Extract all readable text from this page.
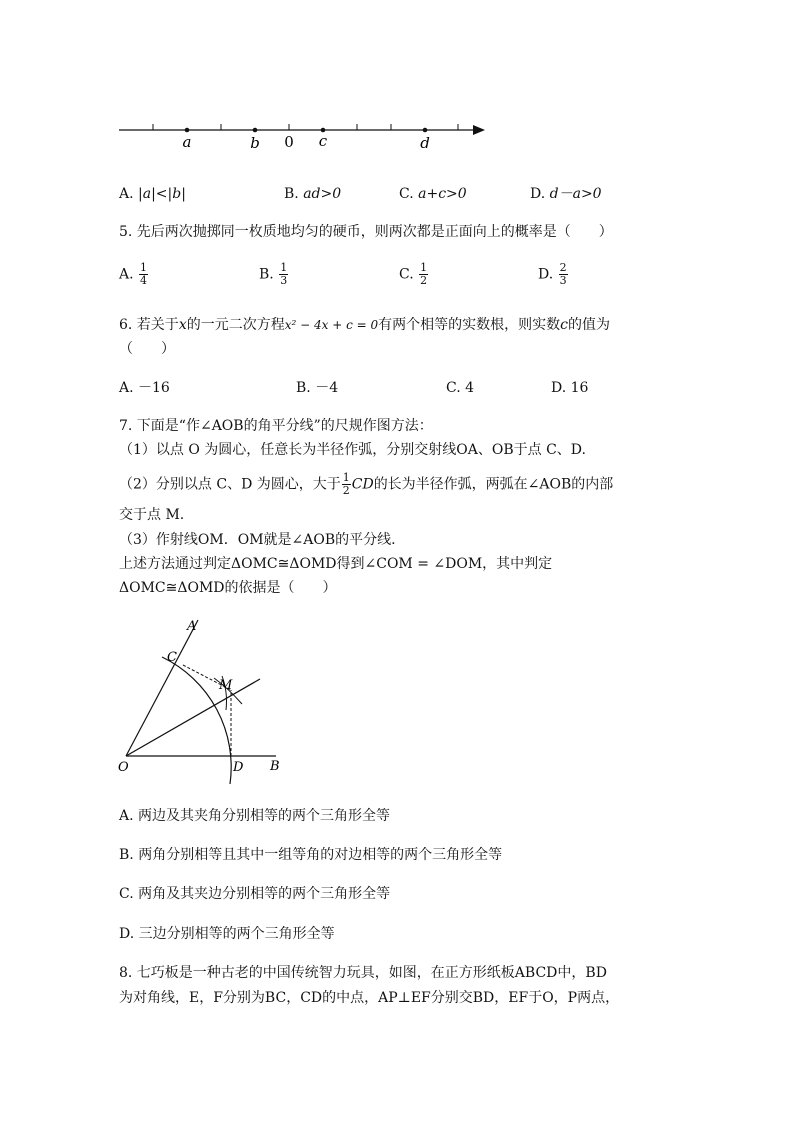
a	b 0 c	d
A. |a|<|b|	B. ad>0	C. a+c>0	D. d－a>0
5. 先后两次抛掷同一枚质地均匀的硬币，则两次都是正面向上的概率是（　　）
A. $\frac{1}{4}$	B. $\frac{1}{3}$	C. $\frac{1}{2}$	D. $\frac{2}{3}$
6. 若关于x的一元二次方程x² − 4x + c = 0有两个相等的实数根，则实数c的值为
（　　）
A. －16	B. －4	C. 4	D. 16
7. 下面是“作∠AOB的角平分线”的尺规作图方法：
（1）以点 O 为圆心，任意长为半径作弧，分别交射线OA、OB于点 C、D.
（2）分别以点 C、D 为圆心，大于 $\frac{1}{2}$ CD的长为半径作弧，两弧在∠AOB的内部
交于点 M.
（3）作射线OM．OM就是∠AOB的平分线.
上述方法通过判定ΔOMC≅ΔOMD得到∠COM = ∠DOM，其中判定
ΔOMC≅ΔOMD的依据是（　　）
A
C
M
O	D B
A. 两边及其夹角分别相等的两个三角形全等
B. 两角分别相等且其中一组等角的对边相等的两个三角形全等
C. 两角及其夹边分别相等的两个三角形全等
D. 三边分别相等的两个三角形全等
8. 七巧板是一种古老的中国传统智力玩具，如图，在正方形纸板ABCD中，BD
为对角线，E，F分别为BC，CD的中点，AP⊥EF分别交BD，EF于O，P两点，
